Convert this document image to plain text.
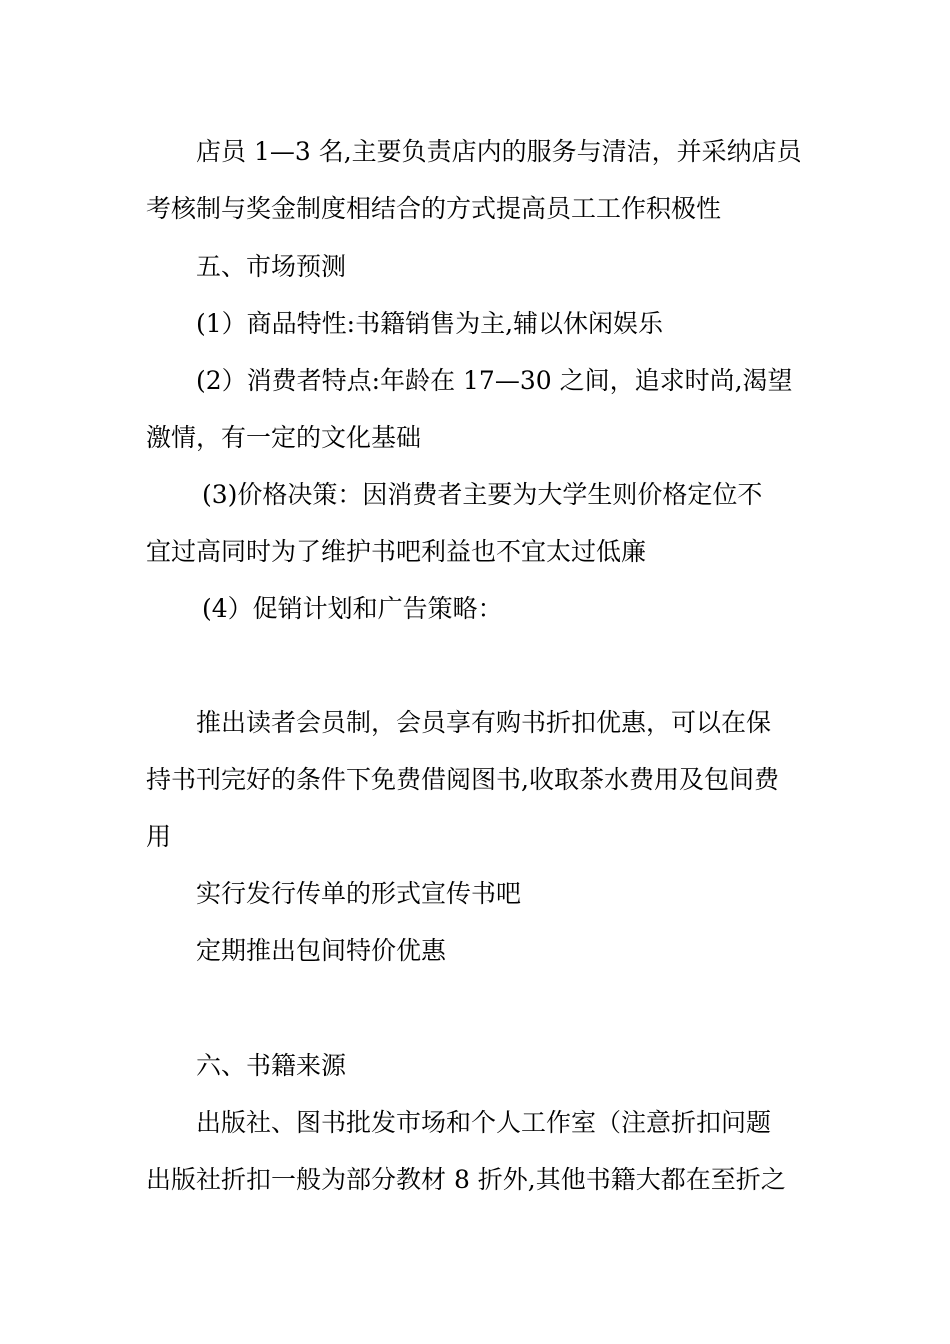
店员 1—3 名,主要负责店内的服务与清洁，并采纳店员
考核制与奖金制度相结合的方式提高员工工作积极性
五、市场预测
(1）商品特性:书籍销售为主,辅以休闲娱乐
(2）消费者特点:年龄在 17—30 之间，追求时尚,渴望
激情，有一定的文化基础
(3)价格决策：因消费者主要为大学生则价格定位不
宜过高同时为了维护书吧利益也不宜太过低廉
(4）促销计划和广告策略：
推出读者会员制，会员享有购书折扣优惠，可以在保
持书刊完好的条件下免费借阅图书,收取茶水费用及包间费
用
实行发行传单的形式宣传书吧
定期推出包间特价优惠
六、书籍来源
出版社、图书批发市场和个人工作室（注意折扣问题
出版社折扣一般为部分教材 8 折外,其他书籍大都在至折之
